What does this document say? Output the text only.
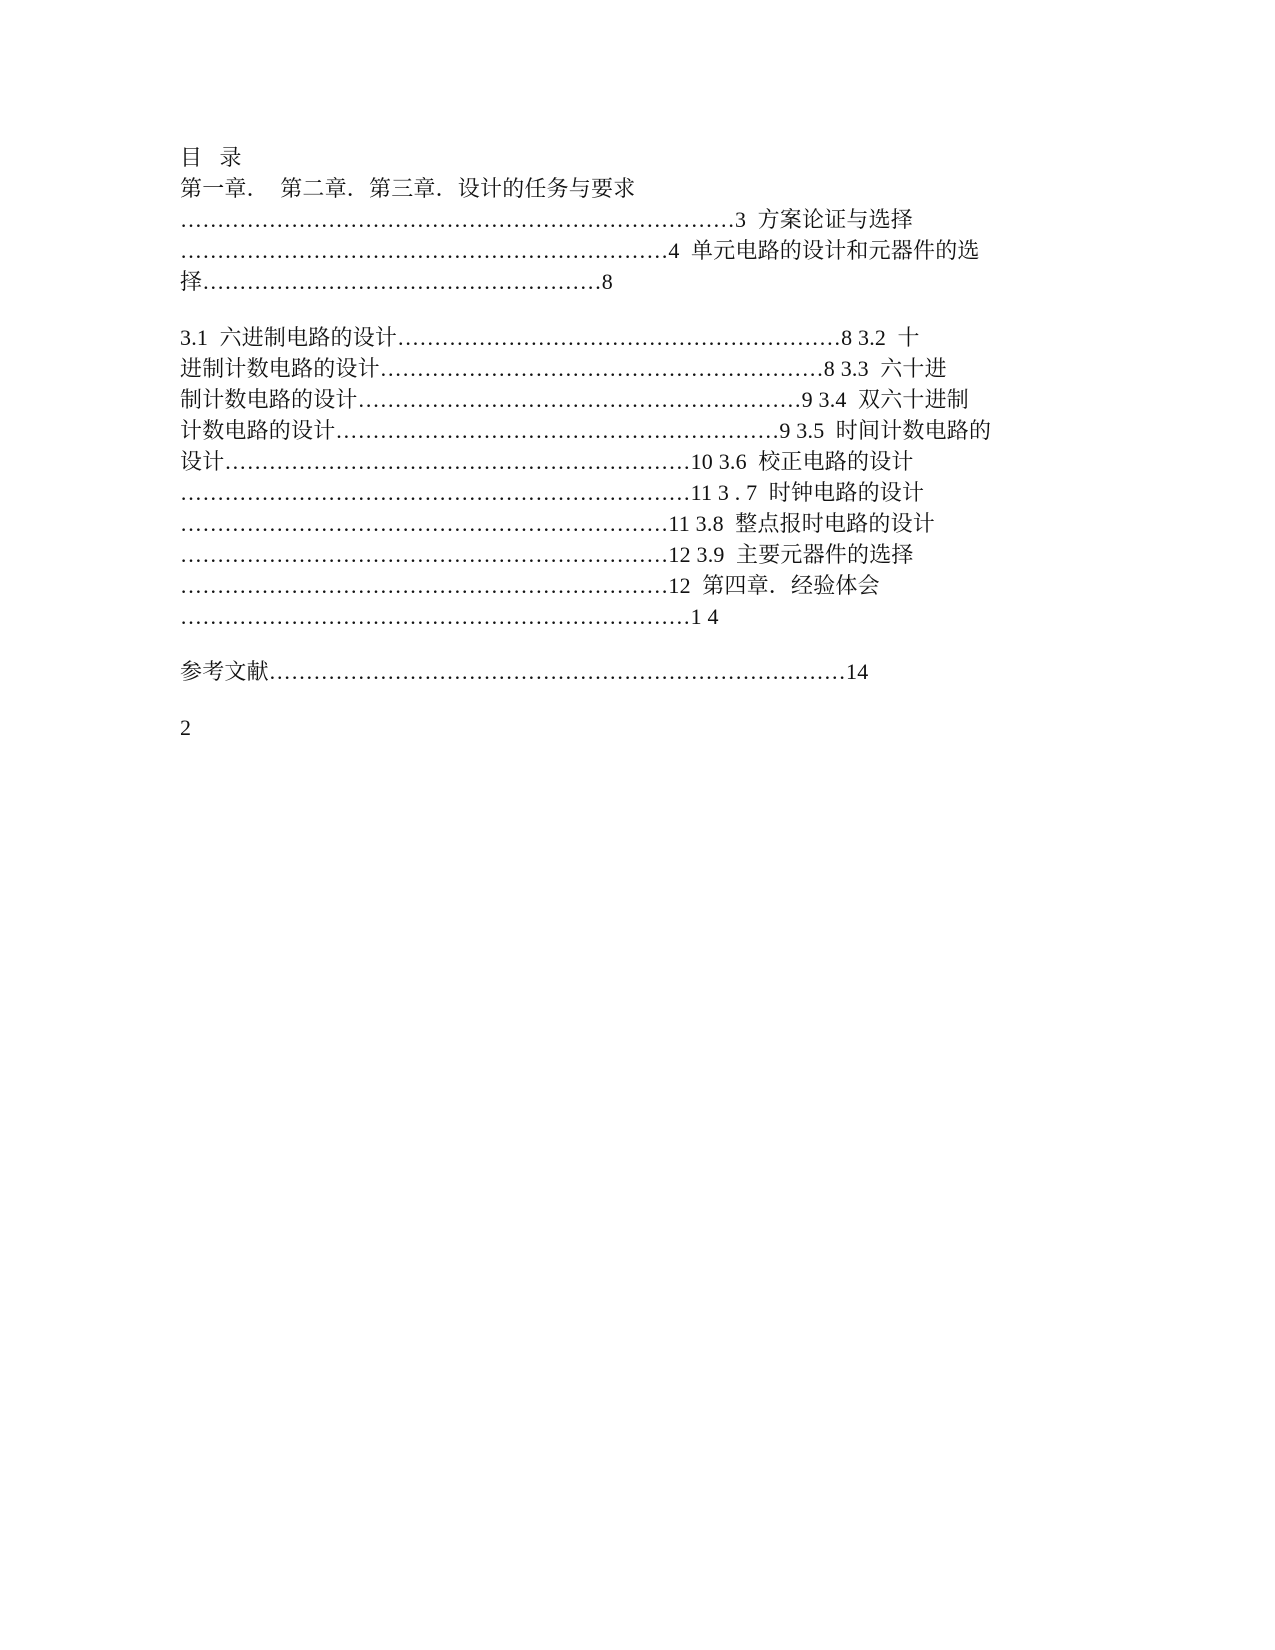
目 录
第一章．  第二章．第三章．设计的任务与要求
…………………………………………………………………3  方案论证与选择
…………………………………………………………4  单元电路的设计和元器件的选
择………………………………………………8
3.1  六进制电路的设计……………………………………………………8 3.2  十
进制计数电路的设计……………………………………………………8 3.3  六十进
制计数电路的设计……………………………………………………9 3.4  双六十进制
计数电路的设计……………………………………………………9 3.5  时间计数电路的
设计………………………………………………………10 3.6  校正电路的设计
……………………………………………………………11 3 . 7  时钟电路的设计
…………………………………………………………11 3.8  整点报时电路的设计
…………………………………………………………12 3.9  主要元器件的选择
…………………………………………………………12  第四章．经验体会
……………………………………………………………1 4
参考文献……………………………………………………………………14
2
